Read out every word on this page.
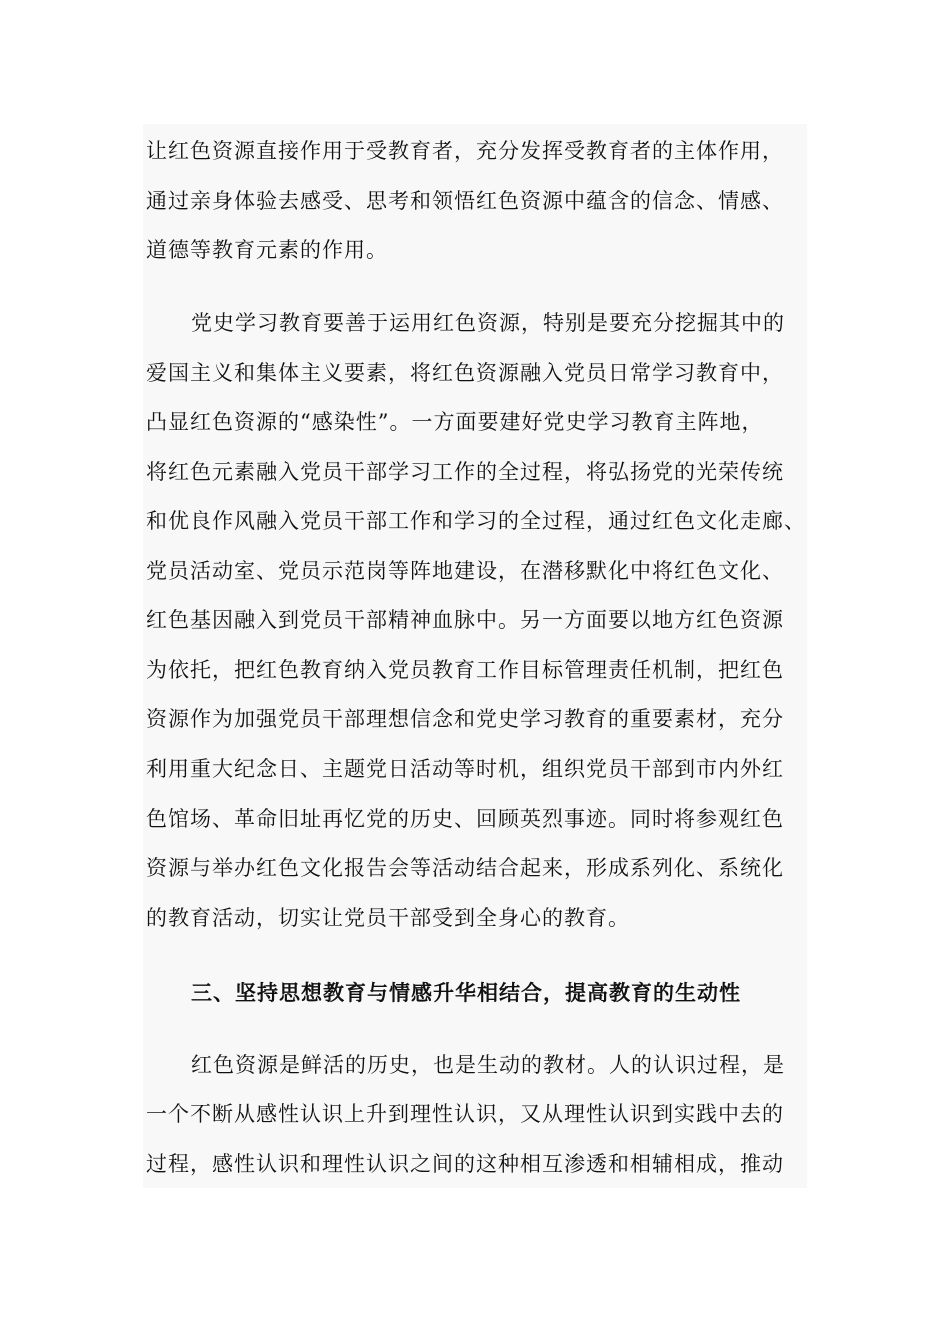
让红色资源直接作用于受教育者，充分发挥受教育者的主体作用，
通过亲身体验去感受、思考和领悟红色资源中蕴含的信念、情感、
道德等教育元素的作用。
党史学习教育要善于运用红色资源，特别是要充分挖掘其中的
爱国主义和集体主义要素，将红色资源融入党员日常学习教育中，
凸显红色资源的“感染性”。一方面要建好党史学习教育主阵地，
将红色元素融入党员干部学习工作的全过程，将弘扬党的光荣传统
和优良作风融入党员干部工作和学习的全过程，通过红色文化走廊、
党员活动室、党员示范岗等阵地建设，在潜移默化中将红色文化、
红色基因融入到党员干部精神血脉中。另一方面要以地方红色资源
为依托，把红色教育纳入党员教育工作目标管理责任机制，把红色
资源作为加强党员干部理想信念和党史学习教育的重要素材，充分
利用重大纪念日、主题党日活动等时机，组织党员干部到市内外红
色馆场、革命旧址再忆党的历史、回顾英烈事迹。同时将参观红色
资源与举办红色文化报告会等活动结合起来，形成系列化、系统化
的教育活动，切实让党员干部受到全身心的教育。
三、坚持思想教育与情感升华相结合，提高教育的生动性
红色资源是鲜活的历史，也是生动的教材。人的认识过程，是
一个不断从感性认识上升到理性认识，又从理性认识到实践中去的
过程，感性认识和理性认识之间的这种相互渗透和相辅相成，推动
